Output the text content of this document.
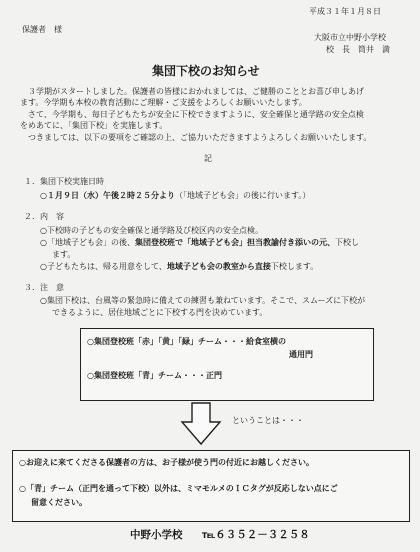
平成３１年１月８日
保護者　様
大阪市立中野小学校
校　長　筒井　満
集団下校のお知らせ
３学期がスタートしました。保護者の皆様におかれましては、ご健勝のこととお喜び申しあげ
ます。今学期も本校の教育活動にご理解・ご支援をよろしくお願いいたします。
さて、今学期も、毎日子どもたちが安全に下校できますように、安全確保と通学路の安全点検
をめあてに、「集団下校」を実施します。
つきましては、以下の要項をご確認の上、ご協力いただきますようよろしくお願いいたします。
記
１．集団下校実施日時
○１月９日（水）午後２時２５分より（「地域子ども会」の後に行います。）
２．内　容
○下校時の子どもの安全確保と通学路及び校区内の安全点検。
○「地域子ども会」の後、集団登校班で「地域子ども会」担当教諭付き添いの元、下校し
ます。
○子どもたちは、帰る用意をして、地域子ども会の教室から直接下校します。
３．注　意
○集団下校は、台風等の緊急時に備えての練習も兼ねています。そこで、スムーズに下校が
できるように、居住地域ごとに下校する門を決めています。
○集団登校班「赤」「黄」「緑」チーム・・・給食室横の
通用門
○集団登校班「青」チーム・・・正門
ということは・・・
○お迎えに来てくださる保護者の方は、お子様が使う門の付近にお越しください。
○「青」チーム（正門を通って下校）以外は、ミマモルメのＩＣタグが反応しない点にご
留意ください。
中野小学校 ℡６３５２－３２５８
